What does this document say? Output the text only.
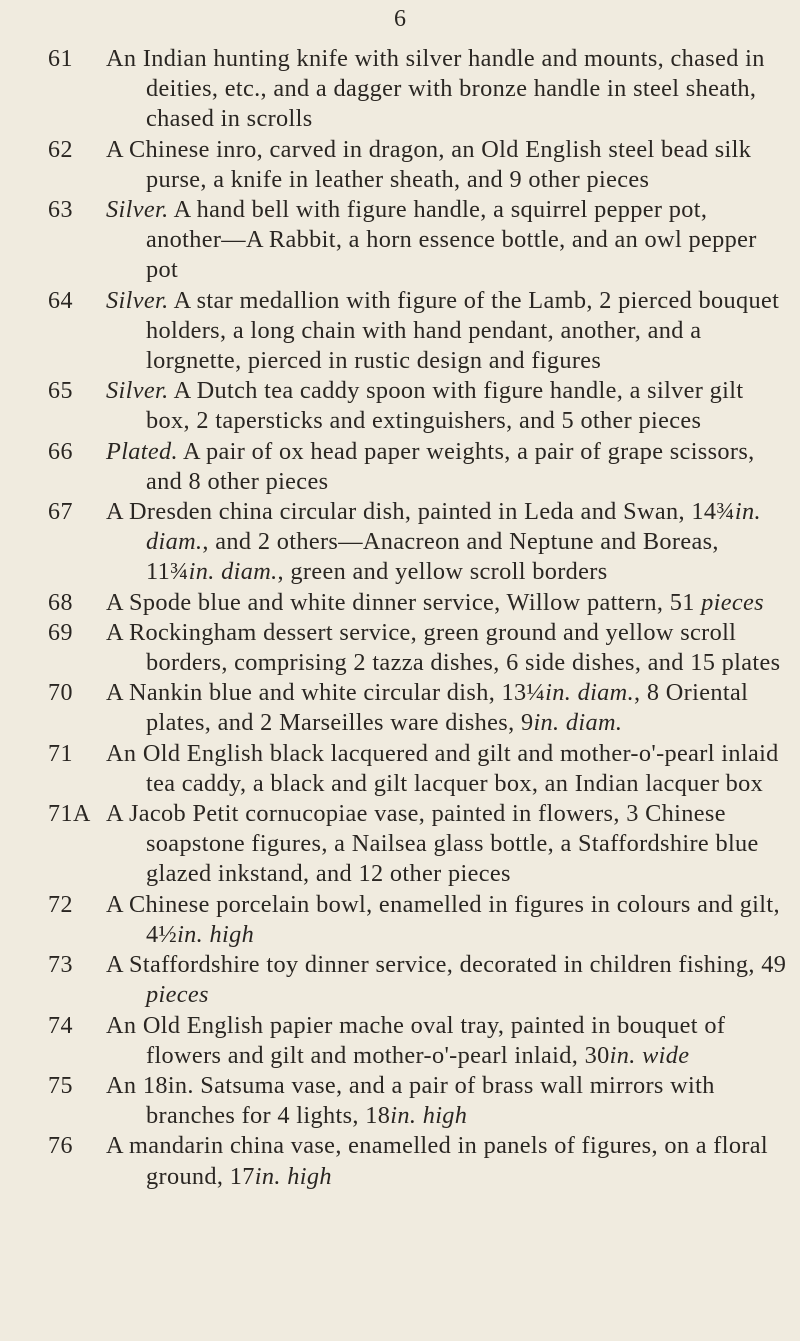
6
61	An Indian hunting knife with silver handle and mounts, chased in deities, etc., and a dagger with bronze handle in steel sheath, chased in scrolls
62	A Chinese inro, carved in dragon, an Old English steel bead silk purse, a knife in leather sheath, and 9 other pieces
63	Silver. A hand bell with figure handle, a squirrel pepper pot, another—A Rabbit, a horn essence bottle, and an owl pepper pot
64	Silver. A star medallion with figure of the Lamb, 2 pierced bouquet holders, a long chain with hand pendant, another, and a lorgnette, pierced in rustic design and figures
65	Silver. A Dutch tea caddy spoon with figure handle, a silver gilt box, 2 tapersticks and extinguishers, and 5 other pieces
66	Plated. A pair of ox head paper weights, a pair of grape scissors, and 8 other pieces
67	A Dresden china circular dish, painted in Leda and Swan, 14¾in. diam., and 2 others—Anacreon and Neptune and Boreas, 11¾in. diam., green and yellow scroll borders
68	A Spode blue and white dinner service, Willow pattern, 51 pieces
69	A Rockingham dessert service, green ground and yellow scroll borders, comprising 2 tazza dishes, 6 side dishes, and 15 plates
70	A Nankin blue and white circular dish, 13¼in. diam., 8 Oriental plates, and 2 Marseilles ware dishes, 9in. diam.
71	An Old English black lacquered and gilt and mother-o'-pearl inlaid tea caddy, a black and gilt lacquer box, an Indian lacquer box
71A A Jacob Petit cornucopiae vase, painted in flowers, 3 Chinese soapstone figures, a Nailsea glass bottle, a Staffordshire blue glazed inkstand, and 12 other pieces
72	A Chinese porcelain bowl, enamelled in figures in colours and gilt, 4½in. high
73	A Staffordshire toy dinner service, decorated in children fishing, 49 pieces
74	An Old English papier mache oval tray, painted in bouquet of flowers and gilt and mother-o'-pearl inlaid, 30in. wide
75	An 18in. Satsuma vase, and a pair of brass wall mirrors with branches for 4 lights, 18in. high
76	A mandarin china vase, enamelled in panels of figures, on a floral ground, 17in. high
